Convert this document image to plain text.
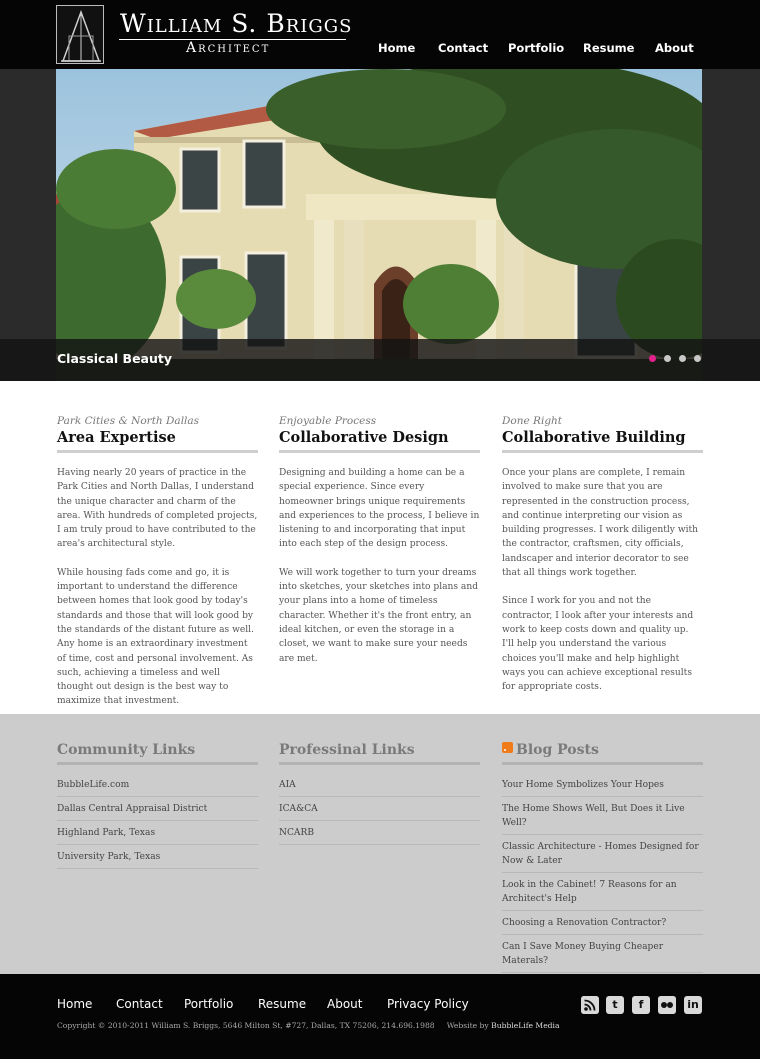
William S. Briggs
Architect	Home Contact Portfolio Resume About
Classical Beauty
Park Cities & North Dallas
Area Expertise

Having nearly 20 years of practice in the Park Cities and North Dallas, I understand the unique character and charm of the area. With hundreds of completed projects, I am truly proud to have contributed to the area's architectural style.

While housing fads come and go, it is important to understand the difference between homes that look good by today's standards and those that will look good by the standards of the distant future as well. Any home is an extraordinary investment of time, cost and personal involvement. As such, achieving a timeless and well thought out design is the best way to maximize that investment.

Enjoyable Process
Collaborative Design

Designing and building a home can be a special experience. Since every homeowner brings unique requirements and experiences to the process, I believe in listening to and incorporating that input into each step of the design process.

We will work together to turn your dreams into sketches, your sketches into plans and your plans into a home of timeless character. Whether it's the front entry, an ideal kitchen, or even the storage in a closet, we want to make sure your needs are met.

Done Right
Collaborative Building

Once your plans are complete, I remain involved to make sure that you are represented in the construction process, and continue interpreting our vision as building progresses. I work diligently with the contractor, craftsmen, city officials, landscaper and interior decorator to see that all things work together.

Since I work for you and not the contractor, I look after your interests and work to keep costs down and quality up. I'll help you understand the various choices you'll make and help highlight ways you can achieve exceptional results for appropriate costs.

Community Links
BubbleLife.com
Dallas Central Appraisal District
Highland Park, Texas
University Park, Texas
Professinal Links
AIA
ICA&CA
NCARB
Blog Posts
Your Home Symbolizes Your Hopes
The Home Shows Well, But Does it Live Well?
Classic Architecture - Homes Designed for Now & Later
Look in the Cabinet! 7 Reasons for an Architect's Help
Choosing a Renovation Contractor?
Can I Save Money Buying Cheaper Materals?
Home Contact Portfolio Resume About Privacy Policy
Copyright © 2010-2011 William S. Briggs, 5646 Milton St, #727, Dallas, TX 75206, 214.696.1988 Website by BubbleLife Media
t	f	in
